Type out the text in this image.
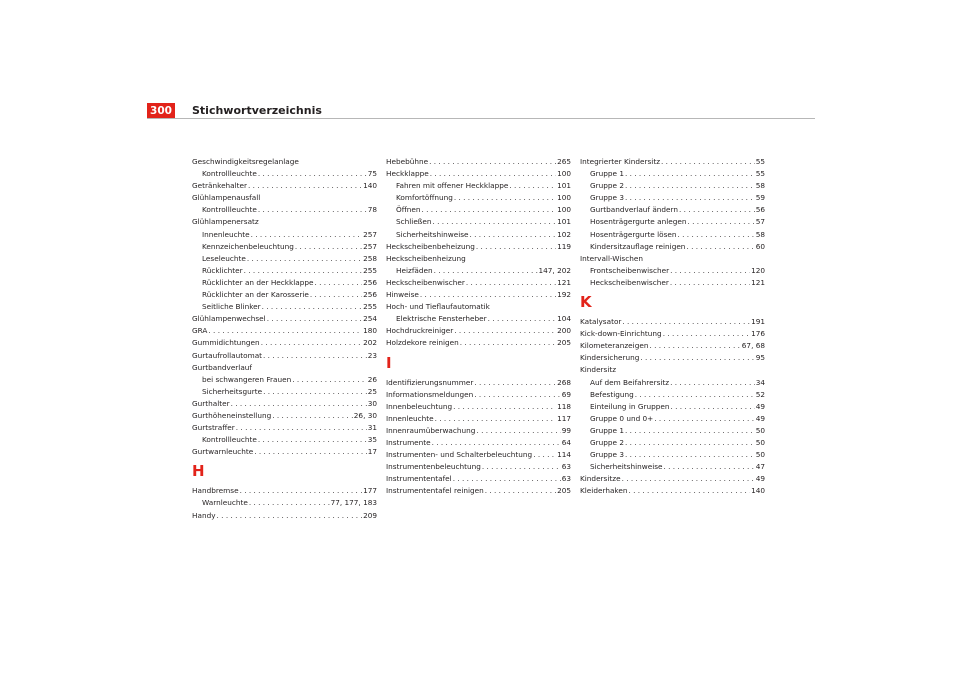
300 Stichwortverzeichnis
Geschwindigkeitsregelanlage
Kontrollleuchte . . .	75
Getränkehalter . . .	140
Glühlampenausfall
Kontrollleuchte . . .	78
Glühlampenersatz
Innenleuchte . . .	257
Kennzeichenbeleuchtung . . .	257
Leseleuchte . . .	258
Rücklichter . . .	255
Rücklichter an der Heckklappe . . .	256
Rücklichter an der Karosserie . . .	256
Seitliche Blinker . . .	255
Glühlampenwechsel . . .	254
GRA . . .	180
Gummidichtungen . . .	202
Gurtaufrollautomat . . .	23
Gurtbandverlauf
bei schwangeren Frauen . . .	26
Sicherheitsgurte . . .	25
Gurthalter . . .	30
Gurthöheneinstellung . . .	26, 30
Gurtstraffer . . .	31
Kontrollleuchte . . .	35
Gurtwarnleuchte . . .	17
H
Handbremse . . .	177
Warnleuchte . . .	77, 177, 183
Handy . . .	209
Hebebühne . . .	265
Heckklappe . . .	100
Fahren mit offener Heckklappe . . .	101
Komfortöffnung . . .	100
Öffnen . . .	100
Schließen . . .	101
Sicherheitshinweise . . .	102
Heckscheibenbeheizung . . .	119
Heckscheibenheizung
Heizfäden . . .	147, 202
Heckscheibenwischer . . .	121
Hinweise . . .	192
Hoch- und Tieflaufautomatik
Elektrische Fensterheber . . .	104
Hochdruckreiniger . . .	200
Holzdekore reinigen . . .	205
I
Identifizierungsnummer . . .	268
Informationsmeldungen . . .	69
Innenbeleuchtung . . .	118
Innenleuchte . . .	117
Innenraumüberwachung . . .	99
Instrumente . . .	64
Instrumenten- und Schalterbeleuchtung . . .	114
Instrumentenbeleuchtung . . .	63
Instrumententafel . . .	63
Instrumententafel reinigen . . .	205
Integrierter Kindersitz . . .	55
Gruppe 1 . . .	55
Gruppe 2 . . .	58
Gruppe 3 . . .	59
Gurtbandverlauf ändern . . .	56
Hosenträgergurte anlegen . . .	57
Hosenträgergurte lösen . . .	58
Kindersitzauflage reinigen . . .	60
Intervall-Wischen
Frontscheibenwischer . . .	120
Heckscheibenwischer . . .	121
K
Katalysator . . .	191
Kick-down-Einrichtung . . .	176
Kilometeranzeigen . . .	67, 68
Kindersicherung . . .	95
Kindersitz
Auf dem Beifahrersitz . . .	34
Befestigung . . .	52
Einteilung in Gruppen . . .	49
Gruppe 0 und 0+ . . .	49
Gruppe 1 . . .	50
Gruppe 2 . . .	50
Gruppe 3 . . .	50
Sicherheitshinweise . . .	47
Kindersitze . . .	49
Kleiderhaken . . .	140
